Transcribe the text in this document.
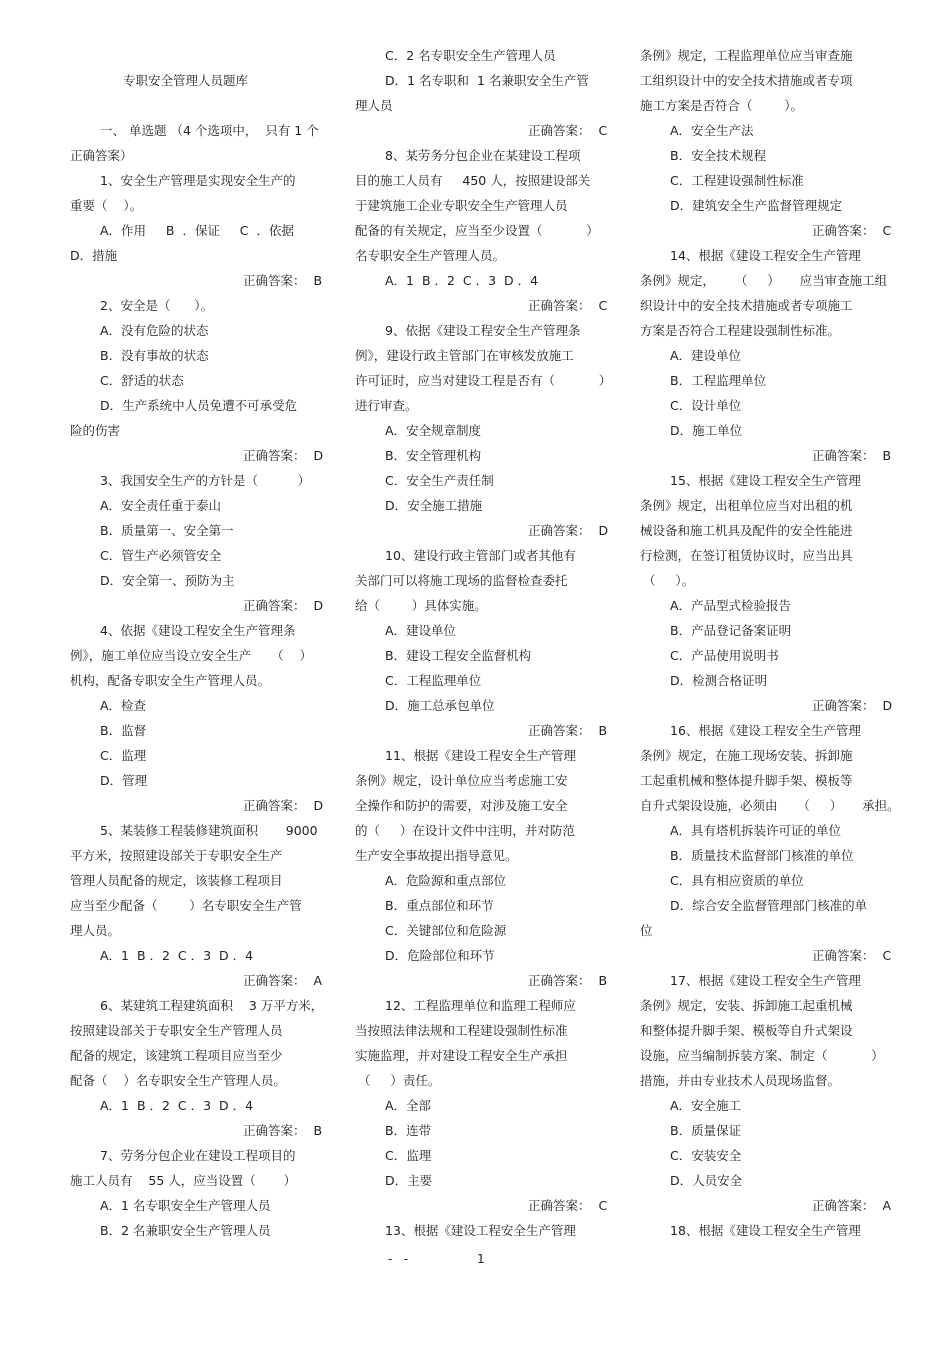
专职安全管理人员题库
一、 单选题 （4 个选项中，  只有 1 个
正确答案）
1、安全生产管理是实现安全生产的
重要（    ）。
A．作用     B  ．保证     C  ．依据
D．措施
正确答案：  B
2、安全是（      ）。
A．没有危险的状态
B．没有事故的状态
C．舒适的状态
D．生产系统中人员免遭不可承受危
险的伤害
正确答案：  D
3、我国安全生产的方针是（          ）
A．安全责任重于泰山
B．质量第一、安全第一
C．管生产必须管安全
D．安全第一、预防为主
正确答案：  D
4、依据《建设工程安全生产管理条
例》，施工单位应当设立安全生产     （    ）
机构，配备专职安全生产管理人员。
A．检查
B．监督
C．监理
D．管理
正确答案：  D
5、某装修工程装修建筑面积       9000
平方米，按照建设部关于专职安全生产
管理人员配备的规定，该装修工程项目
应当至少配备（        ）名专职安全生产管
理人员。
A．1  B ．2  C ．3  D ．4
正确答案：  A
6、某建筑工程建筑面积    3 万平方米，
按照建设部关于专职安全生产管理人员
配备的规定，该建筑工程项目应当至少
配备（    ）名专职安全生产管理人员。
A．1  B ．2  C ．3  D ．4
正确答案：  B
7、劳务分包企业在建设工程项目的
施工人员有    55 人，应当设置（       ）
A．1 名专职安全生产管理人员
B．2 名兼职安全生产管理人员
C．2 名专职安全生产管理人员
D．1 名专职和  1 名兼职安全生产管
理人员
正确答案：  C
8、某劳务分包企业在某建设工程项
目的施工人员有     450 人，按照建设部关
于建筑施工企业专职安全生产管理人员
配备的有关规定，应当至少设置（           ）
名专职安全生产管理人员。
A．1  B ．2  C ．3  D ．4
正确答案：  C
9、依据《建设工程安全生产管理条
例》，建设行政主管部门在审核发放施工
许可证时，应当对建设工程是否有（           ）
进行审查。
A．安全规章制度
B．安全管理机构
C．安全生产责任制
D．安全施工措施
正确答案：  D
10、建设行政主管部门或者其他有
关部门可以将施工现场的监督检查委托
给（        ）具体实施。
A．建设单位
B．建设工程安全监督机构
C．工程监理单位
D．施工总承包单位
正确答案：  B
11、根据《建设工程安全生产管理
条例》规定，设计单位应当考虑施工安
全操作和防护的需要，对涉及施工安全
的（     ）在设计文件中注明，并对防范
生产安全事故提出指导意见。
A．危险源和重点部位
B．重点部位和环节
C．关键部位和危险源
D．危险部位和环节
正确答案：  B
12、工程监理单位和监理工程师应
当按照法律法规和工程建设强制性标准
实施监理，并对建设工程安全生产承担
（     ）责任。
A．全部
B．连带
C．监理
D．主要
正确答案：  C
13、根据《建设工程安全生产管理
条例》规定，工程监理单位应当审查施
工组织设计中的安全技术措施或者专项
施工方案是否符合（        ）。
A．安全生产法
B．安全技术规程
C．工程建设强制性标准
D．建筑安全生产监督管理规定
正确答案：  C
14、根据《建设工程安全生产管理
条例》规定，     （     ）     应当审查施工组
织设计中的安全技术措施或者专项施工
方案是否符合工程建设强制性标准。
A．建设单位
B．工程监理单位
C．设计单位
D．施工单位
正确答案：  B
15、根据《建设工程安全生产管理
条例》规定，出租单位应当对出租的机
械设备和施工机具及配件的安全性能进
行检测，在签订租赁协议时，应当出具
（     ）。
A．产品型式检验报告
B．产品登记备案证明
C．产品使用说明书
D．检测合格证明
正确答案：  D
16、根据《建设工程安全生产管理
条例》规定，在施工现场安装、拆卸施
工起重机械和整体提升脚手架、模板等
自升式架设设施，必须由     （     ）     承担。
A．具有塔机拆装许可证的单位
B．质量技术监督部门核准的单位
C．具有相应资质的单位
D．综合安全监督管理部门核准的单
位
正确答案：  C
17、根据《建设工程安全生产管理
条例》规定，安装、拆卸施工起重机械
和整体提升脚手架、模板等自升式架设
设施，应当编制拆装方案、制定（           ）
措施，并由专业技术人员现场监督。
A．安全施工
B．质量保证
C．安装安全
D．人员安全
正确答案：  A
18、根据《建设工程安全生产管理
-   -	1
